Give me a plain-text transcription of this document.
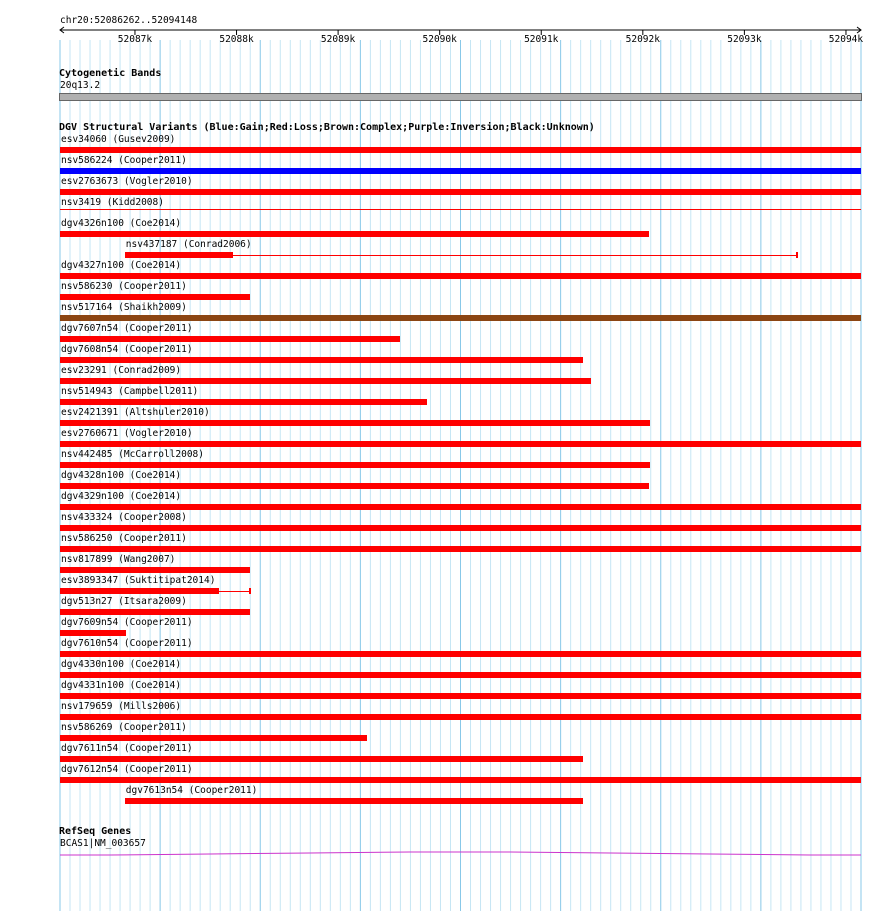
chr20:52086262..52094148
52087k	52088k	52089k	52090k	52091k	52092k	52093k	52094k
Cytogenetic Bands
20q13.2
DGV Structural Variants (Blue:Gain;Red:Loss;Brown:Complex;Purple:Inversion;Black:Unknown)
esv34060 (Gusev2009)
nsv586224 (Cooper2011)
esv2763673 (Vogler2010)
nsv3419 (Kidd2008)
dgv4326n100 (Coe2014)
nsv437187 (Conrad2006)
dgv4327n100 (Coe2014)
nsv586230 (Cooper2011)
nsv517164 (Shaikh2009)
dgv7607n54 (Cooper2011)
dgv7608n54 (Cooper2011)
esv23291 (Conrad2009)
nsv514943 (Campbell2011)
esv2421391 (Altshuler2010)
esv2760671 (Vogler2010)
nsv442485 (McCarroll2008)
dgv4328n100 (Coe2014)
dgv4329n100 (Coe2014)
nsv433324 (Cooper2008)
nsv586250 (Cooper2011)
nsv817899 (Wang2007)
esv3893347 (Suktitipat2014)
dgv513n27 (Itsara2009)
dgv7609n54 (Cooper2011)
dgv7610n54 (Cooper2011)
dgv4330n100 (Coe2014)
dgv4331n100 (Coe2014)
nsv179659 (Mills2006)
nsv586269 (Cooper2011)
dgv7611n54 (Cooper2011)
dgv7612n54 (Cooper2011)
dgv7613n54 (Cooper2011)
RefSeq Genes
BCAS1|NM_003657
